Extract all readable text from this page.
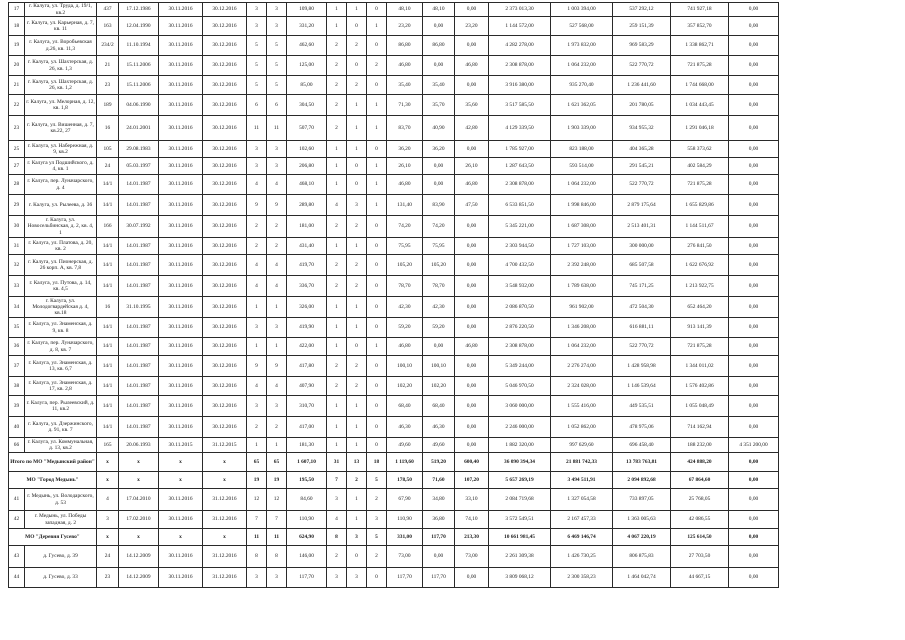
17	г. Калуга, ул. Труда, д. 19/1, кв.2	437	17.12.1986	30.11.2016	30.12.2016	3	3	109,80	1	1	0	48,10	48,10	0,00	2 373 013,30	1 003 394,00	537 292,12	741 927,18	0,00
18	г. Калуга, ул. Карьерная, д. 7, кв. 11	163	12.04.1990	30.11.2016	30.12.2016	3	3	331,20	1	0	1	23,20	0,00	23,20	1 144 572,00	527 568,00	259 151,39	357 852,70	0,00
19	г. Калуга, ул. Воробьевская д.26, кв. 11,3	234/2	11.10.1994	30.11.2016	30.12.2016	5	5	462,60	2	2	0	86,80	86,80	0,00	4 282 278,00	1 973 832,00	969 583,29	1 338 862,71	0,00
20	г. Калуга, ул. Шахтерская, д. 26, кв. 1,3	21	15.11.2006	30.11.2016	30.12.2016	5	5	125,00	2	0	2	46,80	0,00	46,80	2 308 878,00	1 064 232,00	522 770,72	721 875,28	0,00
21	г. Калуга, ул. Шахтерская, д. 26, кв. 1,2	23	15.11.2006	30.11.2016	30.12.2016	5	5	85,00	2	2	0	35,40	35,40	0,00	3 916 380,00	935 270,40	1 236 441,60	1 744 668,00	0,00
22	г. Калуга, ул. Мелорная, д. 12, кв. 1,8	189	04.06.1990	30.11.2016	30.12.2016	6	6	304,50	2	1	1	71,30	35,70	35,60	3 517 585,50	1 621 362,05	201 780,05	1 034 443,45	0,00
23	г. Калуга, ул. Вишенная, д. 7, кв.22, 27	16	24.01.2001	30.11.2016	30.12.2016	11	11	507,70	2	1	1	83,70	40,90	42,80	4 129 339,50	1 903 339,00	934 955,32	1 291 046,18	0,00
25	г. Калуга, ул. Набережная, д. 9, кв.2	105	29.08.1983	30.11.2016	30.12.2016	3	3	102,60	1	1	0	36,20	36,20	0,00	1 785 927,00	823 188,00	404 365,28	558 373,62	0,00
27	г. Калуга ул Подшийского, д. 4, кв. 1	24	05.03.1997	30.11.2016	30.12.2016	3	3	206,80	1	0	1	26,10	0,00	26,10	1 287 643,50	593 514,00	291 545,21	402 584,29	0,00
28	г. Калуга, пер. Луначарского, д. 4	14/1	14.01.1987	30.11.2016	30.12.2016	4	4	468,10	1	0	1	46,80	0,00	46,80	2 308 878,00	1 064 232,00	522 770,72	721 875,28	0,00
29	г. Калуга, ул. Рылеева, д. 36	14/1	14.01.1987	30.11.2016	30.12.2016	9	9	289,80	4	3	1	131,40	83,90	47,50	6 533 851,50	1 998 846,00	2 879 175,64	1 655 829,86	0,00
30	г. Калуга, ул. Новосельбинская, д. 2, кв. 4, 1	166	30.07.1992	30.11.2016	30.12.2016	2	2	181,00	2	2	0	74,20	74,20	0,00	5 345 221,00	1 687 308,00	2 513 401,31	1 144 511,67	0,00
31	г. Калуга, ул. Платова, д. 20, кв. 2	14/1	14.01.1987	30.11.2016	30.12.2016	2	2	431,40	1	1	0	75,95	75,95	0,00	2 303 944,50	1 727 103,00	300 000,00	276 841,50	0,00
32	г. Калуга, ул. Пионерская, д. 26 корп. А, кв. 7,8	14/1	14.01.1987	30.11.2016	30.12.2016	4	4	419,70	2	2	0	105,20	105,20	0,00	4 700 432,50	2 392 248,00	685 507,58	1 622 676,92	0,00
33	г. Калуга, ул. Путова, д. 14, кв. 4,5	14/1	14.01.1987	30.11.2016	30.12.2016	4	4	336,70	2	2	0	78,70	78,70	0,00	3 548 932,00	1 789 638,00	745 171,25	1 213 922,75	0,00
34	г. Калуга, ул. Молодогвардейская д. 4, кв.18	16	31.10.1995	30.11.2016	30.12.2016	1	1	326,00	1	1	0	42,30	42,30	0,00	2 086 870,50	961 902,00	472 504,30	652 464,20	0,00
35	г. Калуга, ул. Знаменская, д. 9, кв. 8	14/1	14.01.1987	30.11.2016	30.12.2016	3	3	419,90	1	1	0	59,20	59,20	0,00	2 876 220,50	1 346 208,00	616 881,11	913 141,39	0,00
36	г. Калуга, пер. Луначарского, д. 8, кв. 7	14/1	14.01.1987	30.11.2016	30.12.2016	1	1	422,00	1	0	1	46,80	0,00	46,80	2 308 878,00	1 064 232,00	522 770,72	721 875,28	0,00
37	г. Калуга, ул. Знаменская, д. 13, кв. 6,7	14/1	14.01.1987	30.11.2016	30.12.2016	9	9	417,80	2	2	0	100,10	100,10	0,00	5 349 244,00	2 276 274,00	1 428 958,98	1 344 011,02	0,00
38	г. Калуга, ул. Знаменская, д. 17, кв. 2,8	14/1	14.01.1987	30.11.2016	30.12.2016	4	4	407,90	2	2	0	102,20	102,20	0,00	5 046 970,50	2 324 028,00	1 146 539,64	1 576 402,86	0,00
39	г. Калуга, пер. Рылеевский, д. 11, кв.2	14/1	14.01.1987	30.11.2016	30.12.2016	3	3	310,70	1	1	0	68,40	68,40	0,00	3 060 000,00	1 555 416,00	449 535,51	1 055 048,49	0,00
40	г. Калуга, ул. Дзержинского, д. 91, кв. 7	14/1	14.01.1987	30.11.2016	30.12.2016	2	2	417,00	1	1	0	46,30	46,30	0,00	2 246 000,00	1 052 862,00	478 975,06	714 162,94	0,00
66	г. Калуга, ул. Коммунальная, д. 13, кв.2	165	20.06.1993	30.11.2015	31.12.2015	1	1	181,30	1	1	0	49,60	49,60	0,00	1 882 320,00	997 629,60	696 458,40	188 232,00	4 351 200,00
Итого по МО "Медынский район"		x	x	x	x	65	65	1 607,10	31	13	18	1 119,60	519,20	600,40	36 090 394,34	21 881 742,33	13 783 763,81	424 888,20	0,00
МО "Город Медынь"		x	x	x	x	19	19	195,50	7	2	5	178,50	71,60	107,20	5 657 269,19	3 494 511,91	2 094 892,68	67 864,60	0,00
41	г. Медынь, ул. Володарского, д. 53	4	17.04.2010	30.11.2016	31.12.2016	12	12	84,60	3	1	2	67,90	34,80	33,10	2 084 719,68	1 327 054,58	733 897,05	25 768,05	0,00
42	г. Медынь, ул. Победы западная, д. 2	3	17.02.2010	30.11.2016	31.12.2016	7	7	110,90	4	1	3	110,90	36,80	74,10	3 572 549,51	2 167 457,33	1 363 005,63	42 086,55	0,00
МО "Деревня Гусево"		x	x	x	x	11	11	624,90	8	3	5	331,00	117,70	213,30	10 661 981,45	6 469 146,74	4 067 220,19	125 614,50	0,00
43	д. Гусево, д. 39	24	14.12.2009	30.11.2016	31.12.2016	8	8	146,00	2	0	2	73,00	0,00	73,00	2 261 309,38	1 426 730,25	806 875,83	27 703,50	0,00
44	д. Гусево, д. 33	23	14.12.2009	30.11.2016	31.12.2016	3	3	117,70	3	3	0	117,70	117,70	0,00	3 809 068,12	2 300 358,23	1 464 042,74	44 667,15	0,00
